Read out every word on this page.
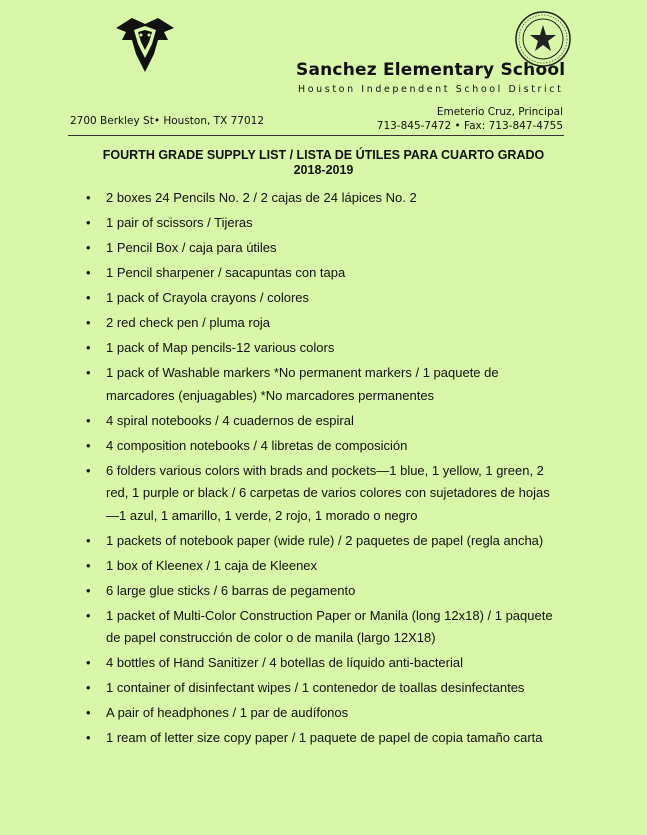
Sanchez Elementary School
Houston Independent School District
2700 Berkley St• Houston, TX 77012
Emeterio Cruz, Principal
713-845-7472 • Fax: 713-847-4755
FOURTH GRADE SUPPLY LIST / LISTA DE ÚTILES PARA CUARTO GRADO
2018-2019
• 2 boxes 24 Pencils No. 2 / 2 cajas de 24 lápices No. 2
• 1 pair of scissors / Tijeras
• 1 Pencil Box / caja para útiles
• 1 Pencil sharpener / sacapuntas con tapa
• 1 pack of Crayola crayons / colores
• 2 red check pen / pluma roja
• 1 pack of Map pencils-12 various colors
• 1 pack of Washable markers *No permanent markers / 1 paquete de marcadores (enjuagables) *No marcadores permanentes
• 4 spiral notebooks / 4 cuadernos de espiral
• 4 composition notebooks / 4 libretas de composición
• 6 folders various colors with brads and pockets—1 blue, 1 yellow, 1 green, 2 red, 1 purple or black / 6 carpetas de varios colores con sujetadores de hojas—1 azul, 1 amarillo, 1 verde, 2 rojo, 1 morado o negro
• 1 packets of notebook paper (wide rule) / 2 paquetes de papel (regla ancha)
• 1 box of Kleenex / 1 caja de Kleenex
• 6 large glue sticks / 6 barras de pegamento
• 1 packet of Multi-Color Construction Paper or Manila (long 12x18) / 1 paquete de papel construcción de color o de manila (largo 12X18)
• 4 bottles of Hand Sanitizer / 4 botellas de líquido anti-bacterial
• 1 container of disinfectant wipes / 1 contenedor de toallas desinfectantes
• A pair of headphones / 1 par de audífonos
• 1 ream of letter size copy paper / 1 paquete de papel de copia tamaño carta
